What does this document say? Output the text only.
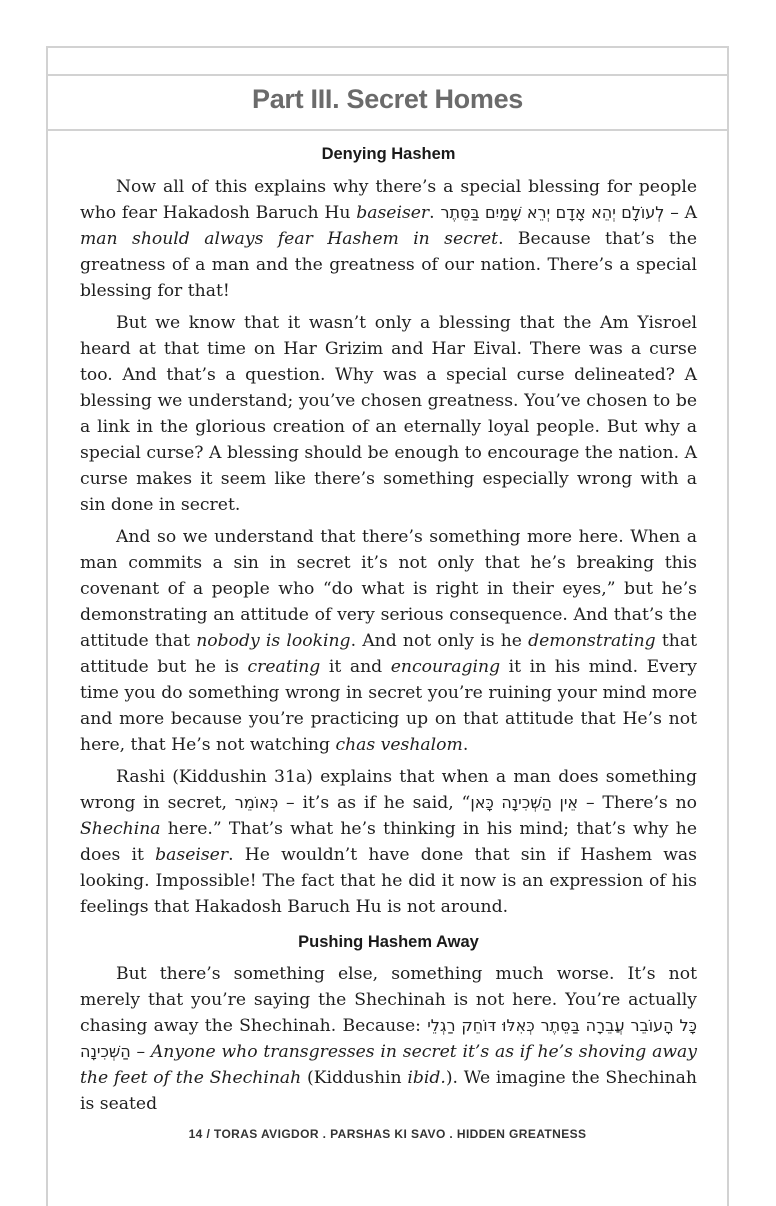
Part III. Secret Homes
Denying Hashem

Now all of this explains why there’s a special blessing for people who fear Hakadosh Baruch Hu baseiser. לְעוֹלָם יְהֵא אָדָם יְרֵא שָׁמַיִם בַּסֵּתֶר – A man should always fear Hashem in secret. Because that’s the greatness of a man and the greatness of our nation. There’s a special blessing for that!

But we know that it wasn’t only a blessing that the Am Yisroel heard at that time on Har Grizim and Har Eival. There was a curse too. And that’s a question. Why was a special curse delineated? A blessing we understand; you’ve chosen greatness. You’ve chosen to be a link in the glorious creation of an eternally loyal people. But why a special curse? A blessing should be enough to encourage the nation. A curse makes it seem like there’s something especially wrong with a sin done in secret.

And so we understand that there’s something more here. When a man commits a sin in secret it’s not only that he’s breaking this covenant of a people who “do what is right in their eyes,” but he’s demonstrating an attitude of very serious consequence. And that’s the attitude that nobody is looking. And not only is he demonstrating that attitude but he is creating it and encouraging it in his mind. Every time you do something wrong in secret you’re ruining your mind more and more because you’re practicing up on that attitude that He’s not here, that He’s not watching chas veshalom.

Rashi (Kiddushin 31a) explains that when a man does something wrong in secret, כְּאוֹמֵר – it’s as if he said, “אֵין הַשְּׁכִינָה כָּאן – There’s no Shechina here.” That’s what he’s thinking in his mind; that’s why he does it baseiser. He wouldn’t have done that sin if Hashem was looking. Impossible! The fact that he did it now is an expression of his feelings that Hakadosh Baruch Hu is not around.

Pushing Hashem Away

But there’s something else, something much worse. It’s not merely that you’re saying the Shechinah is not here. You’re actually chasing away the Shechinah. Because: כָּל הָעוֹבֵר עֲבֵרָה בַּסֵּתֶר כְּאִלּוּ דּוֹחֵק רַגְלֵי הַשְּׁכִינָה – Anyone who transgresses in secret it’s as if he’s shoving away the feet of the Shechinah (Kiddushin ibid.). We imagine the Shechinah is seated

14 / TORAS AVIGDOR . PARSHAS KI SAVO . HIDDEN GREATNESS
